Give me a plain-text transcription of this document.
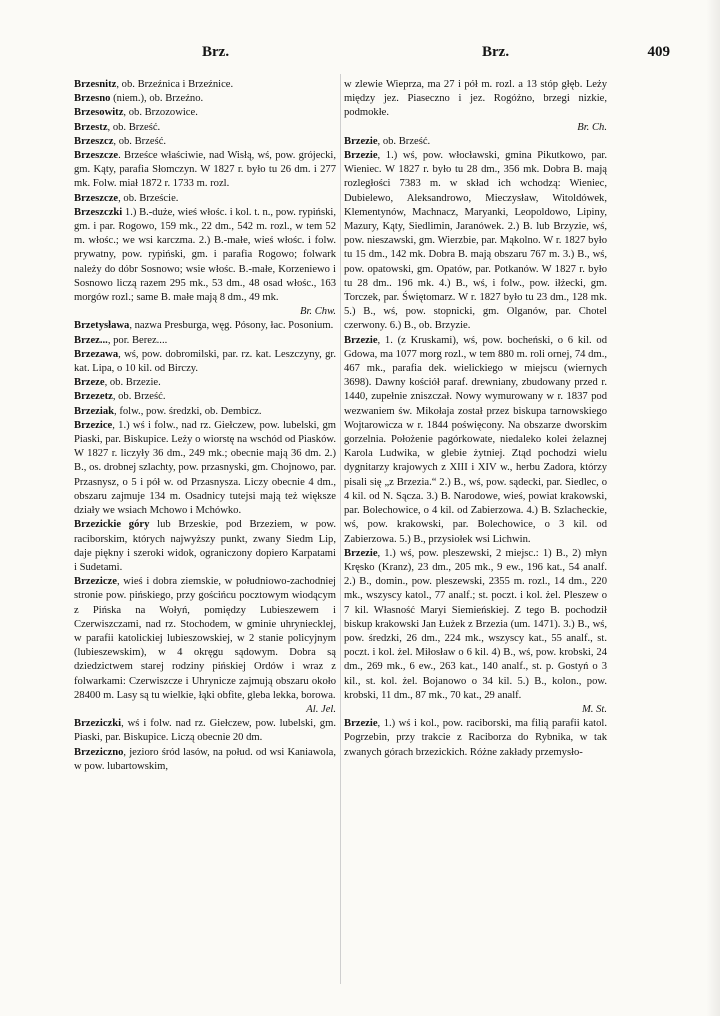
Brz.	Brz.	409

Brzesnitz, ob. Brzeźnica i Brzeźnice.

Brzesno (niem.), ob. Brzeźno.

Brzesowitz, ob. Brzozowice.

Brzestz, ob. Brześć.

Brzeszcz, ob. Brześć.

Brzeszcze. Brześce właściwie, nad Wisłą, wś, pow. grójecki, gm. Kąty, parafia Słomczyn. W 1827 r. było tu 26 dm. i 277 mk. Folw. miał 1872 r. 1733 m. rozl.

Brzeszcze, ob. Brzeście.

Brzeszczki 1.) B.-duże, wieś włośc. i kol. t. n., pow. rypiński, gm. i par. Rogowo, 159 mk., 22 dm., 542 m. rozl., w tem 52 m. włośc.; we wsi karczma. 2.) B.-małe, wieś włośc. i folw. prywatny, pow. rypiński, gm. i parafia Rogowo; folwark należy do dóbr Sosnowo; wsie włośc. B.-małe, Korzeniewo i Sosnowo liczą razem 295 mk., 53 dm., 48 osad włośc., 163 morgów rozl.; same B. małe mają 8 dm., 49 mk.
Br. Chw.

Brzetysława, nazwa Presburga, węg. Pósony, łac. Posonium.

Brzez..., por. Berez....

Brzezawa, wś, pow. dobromilski, par. rz. kat. Leszczyny, gr. kat. Lipa, o 10 kil. od Birczy.

Brzeze, ob. Brzezie.

Brzezetz, ob. Brześć.

Brzeziak, folw., pow. średzki, ob. Dembicz.

Brzezice, 1.) wś i folw., nad rz. Giełczew, pow. lubelski, gm Piaski, par. Biskupice. Leży o wiorstę na wschód od Piasków. W 1827 r. liczyły 36 dm., 249 mk.; obecnie mają 36 dm. 2.) B., os. drobnej szlachty, pow. przasnyski, gm. Chojnowo, par. Przasnysz, o 5 i pół w. od Przasnysza. Liczy obecnie 4 dm., obszaru zajmuje 134 m. Osadnicy tutejsi mają też większe działy we wsiach Mchowo i Mchówko.

Brzezickie góry lub Brzeskie, pod Brzeziem, w pow. raciborskim, których najwyższy punkt, zwany Siedm Lip, daje piękny i szeroki widok, ograniczony dopiero Karpatami i Sudetami.

Brzezicze, wieś i dobra ziemskie, w południowo-zachodniej stronie pow. pińskiego, przy gościńcu pocztowym wiodącym z Pińska na Wołyń, pomiędzy Lubieszewem i Czerwiszczami, nad rz. Stochodem, w gminie uhryniecklej, w parafii katolickiej lubieszowskiej, w 2 stanie policyjnym (lubieszewskim), w 4 okręgu sądowym. Dobra są dziedzictwem starej rodziny pińskiej Ordów i wraz z folwarkami: Czerwiszcze i Uhrynicze zajmują obszaru około 28400 m. Lasy są tu wielkie, łąki obfite, gleba lekka, borowa.
Al. Jel.

Brzeziczki, wś i folw. nad rz. Giełczew, pow. lubelski, gm. Piaski, par. Biskupice. Liczą obecnie 20 dm.

Brzeziczno, jezioro śród lasów, na połud. od wsi Kaniawola, w pow. lubartowskim,

w zlewie Wieprza, ma 27 i pół m. rozl. a 13 stóp głęb. Leży między jez. Piaseczno i jez. Rogóżno, brzegi nizkie, podmokłe.
Br. Ch.

Brzezie, ob. Brześć.

Brzezie, 1.) wś, pow. włocławski, gmina Pikutkowo, par. Wieniec. W 1827 r. było tu 28 dm., 356 mk. Dobra B. mają rozległości 7383 m. w skład ich wchodzą: Wieniec, Dubielewo, Aleksandrowo, Mieczysław, Witoldówek, Klementynów, Machnacz, Maryanki, Leopoldowo, Lipiny, Mazury, Kąty, Siedlimin, Jaranówek. 2.) B. lub Brzyzie, wś, pow. nieszawski, gm. Wierzbie, par. Mąkolno. W r. 1827 było tu 15 dm., 142 mk. Dobra B. mają obszaru 767 m. 3.) B., wś, pow. opatowski, gm. Opatów, par. Potkanów. W 1827 r. było tu 28 dm.. 196 mk. 4.) B., wś, i folw., pow. iłżecki, gm. Torczek, par. Świętomarz. W r. 1827 było tu 23 dm., 128 mk. 5.) B., wś, pow. stopnicki, gm. Olganów, par. Chotel czerwony. 6.) B., ob. Brzyzie.

Brzezie, 1. (z Kruskami), wś, pow. bocheński, o 6 kil. od Gdowa, ma 1077 morg rozl., w tem 880 m. roli ornej, 74 dm., 467 mk., parafia dek. wielickiego w miejscu (wiernych 3698). Dawny kościół paraf. drewniany, zbudowany przed r. 1440, zupełnie zniszczał. Nowy wymurowany w r. 1837 pod wezwaniem św. Mikołaja został przez biskupa tarnowskiego Wojtarowicza w r. 1844 poświęcony. Na obszarze dworskim gorzelnia. Położenie pagórkowate, niedaleko kolei żelaznej Karola Ludwika, w glebie żytniej. Ztąd pochodzi wielu dygnitarzy krajowych z XIII i XIV w., herbu Zadora, którzy pisali się „z Brzezia.“ 2.) B., wś, pow. sądecki, par. Siedlec, o 4 kil. od N. Sącza. 3.) B. Narodowe, wieś, powiat krakowski, par. Bolechowice, o 4 kil. od Zabierzowa. 4.) B. Szlacheckie, wś, pow. krakowski, par. Bolechowice, o 3 kil. od Zabierzowa. 5.) B., przysiołek wsi Lichwin.

Brzezie, 1.) wś, pow. pleszewski, 2 miejsc.: 1) B., 2) młyn Kręsko (Kranz), 23 dm., 205 mk., 9 ew., 196 kat., 54 analf. 2.) B., domin., pow. pleszewski, 2355 m. rozl., 14 dm., 220 mk., wszyscy katol., 77 analf.; st. poczt. i kol. żel. Pleszew o 7 kil. Własność Maryi Siemieńskiej. Z tego B. pochodził biskup krakowski Jan Łużek z Brzezia (um. 1471). 3.) B., wś, pow. średzki, 26 dm., 224 mk., wszyscy kat., 55 analf., st. poczt. i kol. żel. Miłosław o 6 kil. 4) B., wś, pow. krobski, 24 dm., 269 mk., 6 ew., 263 kat., 140 analf., st. p. Gostyń o 3 kil., st. kol. żel. Bojanowo o 34 kil. 5.) B., kolon., pow. krobski, 11 dm., 87 mk., 70 kat., 29 analf.
M. St.

Brzezie, 1.) wś i kol., pow. raciborski, ma filią parafii katol. Pogrzebin, przy trakcie z Raciborza do Rybnika, w tak zwanych górach brzezickich. Różne zakłady przemysło-
